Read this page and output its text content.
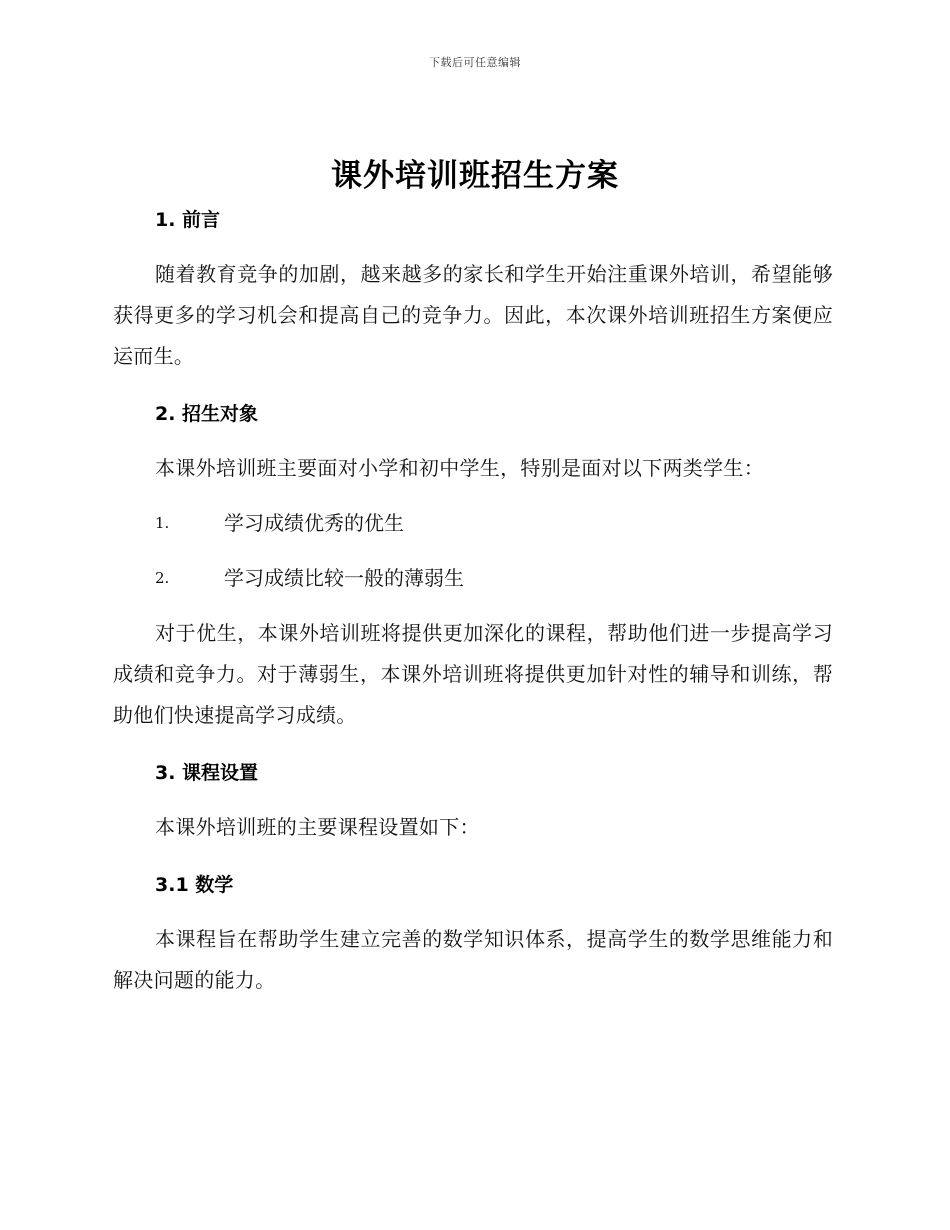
下载后可任意编辑
课外培训班招生方案
1. 前言

随着教育竞争的加剧，越来越多的家长和学生开始注重课外培训，希望能够获得更多的学习机会和提高自己的竞争力。因此，本次课外培训班招生方案便应运而生。

2. 招生对象

本课外培训班主要面对小学和初中学生，特别是面对以下两类学生：

1.	学习成绩优秀的优生
2.	学习成绩比较一般的薄弱生

对于优生，本课外培训班将提供更加深化的课程，帮助他们进一步提高学习成绩和竞争力。对于薄弱生，本课外培训班将提供更加针对性的辅导和训练，帮助他们快速提高学习成绩。

3. 课程设置

本课外培训班的主要课程设置如下：

3.1 数学

本课程旨在帮助学生建立完善的数学知识体系，提高学生的数学思维能力和解决问题的能力。
